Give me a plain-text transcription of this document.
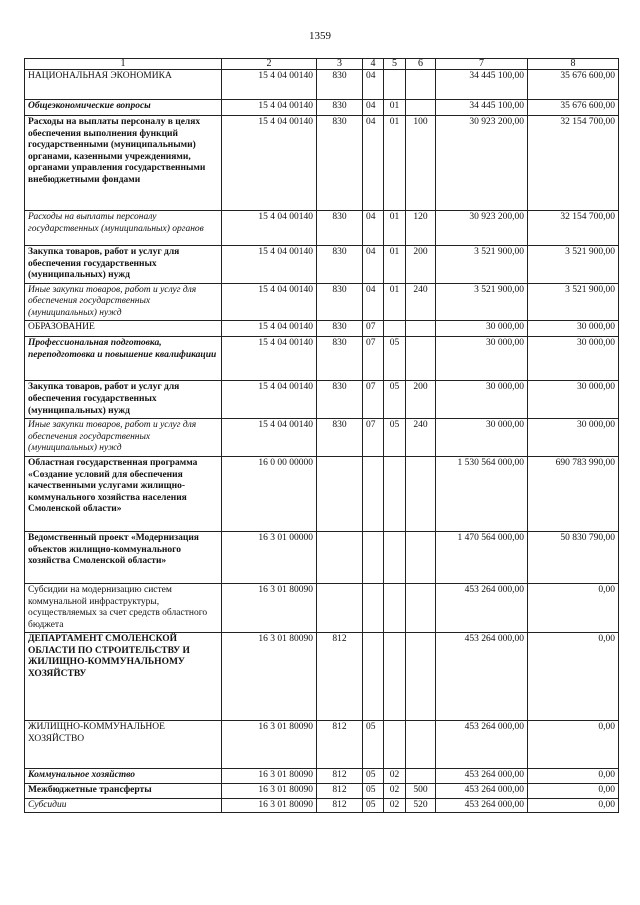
1359
1	2	3	4	5	6	7	8
НАЦИОНАЛЬНАЯ ЭКОНОМИКА	15 4 04 00140	830	04			34 445 100,00	35 676 600,00
Общеэкономические вопросы	15 4 04 00140	830	04	01		34 445 100,00	35 676 600,00
Расходы на выплаты персоналу в целях обеспечения выполнения функций государственными (муниципальными) органами, казенными учреждениями, органами управления государственными внебюджетными фондами	15 4 04 00140	830	04	01	100	30 923 200,00	32 154 700,00
Расходы на выплаты персоналу государственных (муниципальных) органов	15 4 04 00140	830	04	01	120	30 923 200,00	32 154 700,00
Закупка товаров, работ и услуг для обеспечения государственных (муниципальных) нужд	15 4 04 00140	830	04	01	200	3 521 900,00	3 521 900,00
Иные закупки товаров, работ и услуг для обеспечения государственных (муниципальных) нужд	15 4 04 00140	830	04	01	240	3 521 900,00	3 521 900,00
ОБРАЗОВАНИЕ	15 4 04 00140	830	07			30 000,00	30 000,00
Профессиональная подготовка, переподготовка и повышение квалификации	15 4 04 00140	830	07	05		30 000,00	30 000,00
Закупка товаров, работ и услуг для обеспечения государственных (муниципальных) нужд	15 4 04 00140	830	07	05	200	30 000,00	30 000,00
Иные закупки товаров, работ и услуг для обеспечения государственных (муниципальных) нужд	15 4 04 00140	830	07	05	240	30 000,00	30 000,00
Областная государственная программа «Создание условий для обеспечения качественными услугами жилищно-коммунального хозяйства населения Смоленской области»	16 0 00 00000					1 530 564 000,00	690 783 990,00
Ведомственный проект «Модернизация объектов жилищно-коммунального хозяйства Смоленской области»	16 3 01 00000					1 470 564 000,00	50 830 790,00
Субсидии на модернизацию систем коммунальной инфраструктуры, осуществляемых за счет средств областного бюджета	16 3 01 80090					453 264 000,00	0,00
ДЕПАРТАМЕНТ СМОЛЕНСКОЙ ОБЛАСТИ ПО СТРОИТЕЛЬСТВУ И ЖИЛИЩНО-КОММУНАЛЬНОМУ ХОЗЯЙСТВУ	16 3 01 80090	812				453 264 000,00	0,00
ЖИЛИЩНО-КОММУНАЛЬНОЕ ХОЗЯЙСТВО	16 3 01 80090	812	05			453 264 000,00	0,00
Коммунальное хозяйство	16 3 01 80090	812	05	02		453 264 000,00	0,00
Межбюджетные трансферты	16 3 01 80090	812	05	02	500	453 264 000,00	0,00
Субсидии	16 3 01 80090	812	05	02	520	453 264 000,00	0,00
